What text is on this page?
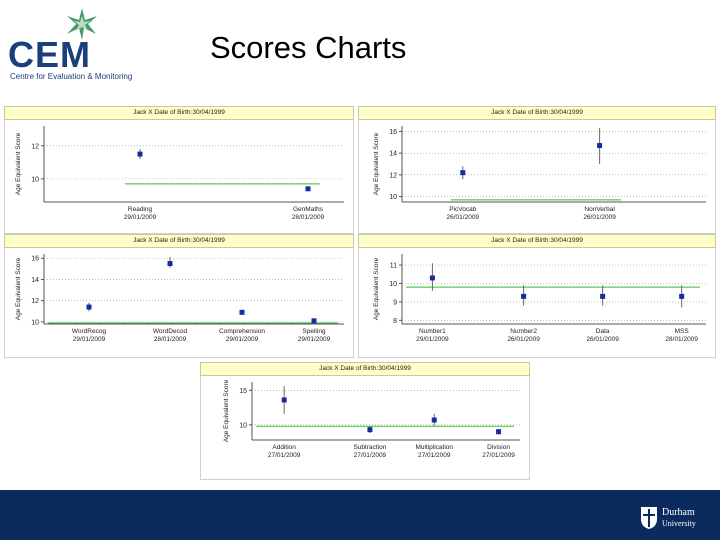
CEM
Centre for Evaluation & Monitoring
Scores Charts
Jack X Date of Birth:30/04/1999
Age Equivalent Score 10
12
Reading
29/01/2009
GenMaths
28/01/2009
Jack X Date of Birth:30/04/1999
Age Equivalent Score
10
12
14
16
PicVocab
26/01/2009
NonVerbal
26/01/2009
Jack X Date of Birth:30/04/1999
Age Equivalent Score
10
12
14
16
WordRecog
29/01/2009
WordDecod
28/01/2009
Comprehension
29/01/2009
Spelling
29/01/2009
Jack X Date of Birth:30/04/1999
Age Equivalent Score
8
9
10
11
Number1
29/01/2009
Number2
26/01/2009
Data
26/01/2009
MSS
28/01/2009
Jack X Date of Birth:30/04/1999
Age Equivalent Score 10
15
Addition
27/01/2009
Subtraction
27/01/2009
Multiplication
27/01/2009
Division
27/01/2009
Durham
University
